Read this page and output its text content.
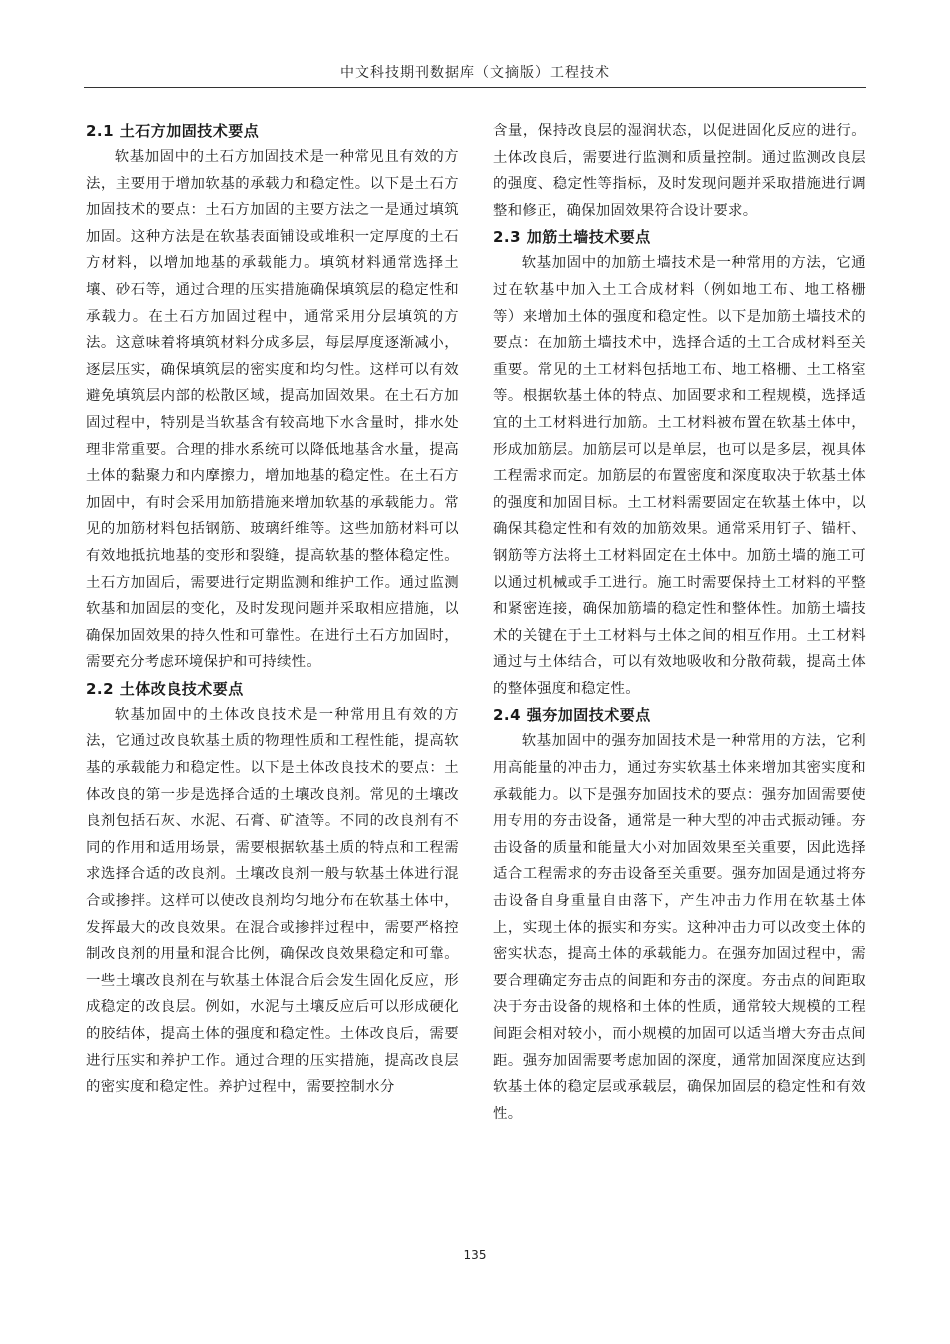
中文科技期刊数据库（文摘版）工程技术
2.1 土石方加固技术要点

软基加固中的土石方加固技术是一种常见且有效的方法，主要用于增加软基的承载力和稳定性。以下是土石方加固技术的要点：土石方加固的主要方法之一是通过填筑加固。这种方法是在软基表面铺设或堆积一定厚度的土石方材料，以增加地基的承载能力。填筑材料通常选择土壤、砂石等，通过合理的压实措施确保填筑层的稳定性和承载力。在土石方加固过程中，通常采用分层填筑的方法。这意味着将填筑材料分成多层，每层厚度逐渐减小，逐层压实，确保填筑层的密实度和均匀性。这样可以有效避免填筑层内部的松散区域，提高加固效果。在土石方加固过程中，特别是当软基含有较高地下水含量时，排水处理非常重要。合理的排水系统可以降低地基含水量，提高土体的黏聚力和内摩擦力，增加地基的稳定性。在土石方加固中，有时会采用加筋措施来增加软基的承载能力。常见的加筋材料包括钢筋、玻璃纤维等。这些加筋材料可以有效地抵抗地基的变形和裂缝，提高软基的整体稳定性。土石方加固后，需要进行定期监测和维护工作。通过监测软基和加固层的变化，及时发现问题并采取相应措施，以确保加固效果的持久性和可靠性。在进行土石方加固时，需要充分考虑环境保护和可持续性。

2.2 土体改良技术要点

软基加固中的土体改良技术是一种常用且有效的方法，它通过改良软基土质的物理性质和工程性能，提高软基的承载能力和稳定性。以下是土体改良技术的要点：土体改良的第一步是选择合适的土壤改良剂。常见的土壤改良剂包括石灰、水泥、石膏、矿渣等。不同的改良剂有不同的作用和适用场景，需要根据软基土质的特点和工程需求选择合适的改良剂。土壤改良剂一般与软基土体进行混合或掺拌。这样可以使改良剂均匀地分布在软基土体中，发挥最大的改良效果。在混合或掺拌过程中，需要严格控制改良剂的用量和混合比例，确保改良效果稳定和可靠。一些土壤改良剂在与软基土体混合后会发生固化反应，形成稳定的改良层。例如，水泥与土壤反应后可以形成硬化的胶结体，提高土体的强度和稳定性。土体改良后，需要进行压实和养护工作。通过合理的压实措施，提高改良层的密实度和稳定性。养护过程中，需要控制水分

含量，保持改良层的湿润状态，以促进固化反应的进行。土体改良后，需要进行监测和质量控制。通过监测改良层的强度、稳定性等指标，及时发现问题并采取措施进行调整和修正，确保加固效果符合设计要求。

2.3 加筋土墙技术要点

软基加固中的加筋土墙技术是一种常用的方法，它通过在软基中加入土工合成材料（例如地工布、地工格栅等）来增加土体的强度和稳定性。以下是加筋土墙技术的要点：在加筋土墙技术中，选择合适的土工合成材料至关重要。常见的土工材料包括地工布、地工格栅、土工格室等。根据软基土体的特点、加固要求和工程规模，选择适宜的土工材料进行加筋。土工材料被布置在软基土体中，形成加筋层。加筋层可以是单层，也可以是多层，视具体工程需求而定。加筋层的布置密度和深度取决于软基土体的强度和加固目标。土工材料需要固定在软基土体中，以确保其稳定性和有效的加筋效果。通常采用钉子、锚杆、钢筋等方法将土工材料固定在土体中。加筋土墙的施工可以通过机械或手工进行。施工时需要保持土工材料的平整和紧密连接，确保加筋墙的稳定性和整体性。加筋土墙技术的关键在于土工材料与土体之间的相互作用。土工材料通过与土体结合，可以有效地吸收和分散荷载，提高土体的整体强度和稳定性。

2.4 强夯加固技术要点

软基加固中的强夯加固技术是一种常用的方法，它利用高能量的冲击力，通过夯实软基土体来增加其密实度和承载能力。以下是强夯加固技术的要点：强夯加固需要使用专用的夯击设备，通常是一种大型的冲击式振动锤。夯击设备的质量和能量大小对加固效果至关重要，因此选择适合工程需求的夯击设备至关重要。强夯加固是通过将夯击设备自身重量自由落下，产生冲击力作用在软基土体上，实现土体的振实和夯实。这种冲击力可以改变土体的密实状态，提高土体的承载能力。在强夯加固过程中，需要合理确定夯击点的间距和夯击的深度。夯击点的间距取决于夯击设备的规格和土体的性质，通常较大规模的工程间距会相对较小，而小规模的加固可以适当增大夯击点间距。强夯加固需要考虑加固的深度，通常加固深度应达到软基土体的稳定层或承载层，确保加固层的稳定性和有效性。

135
